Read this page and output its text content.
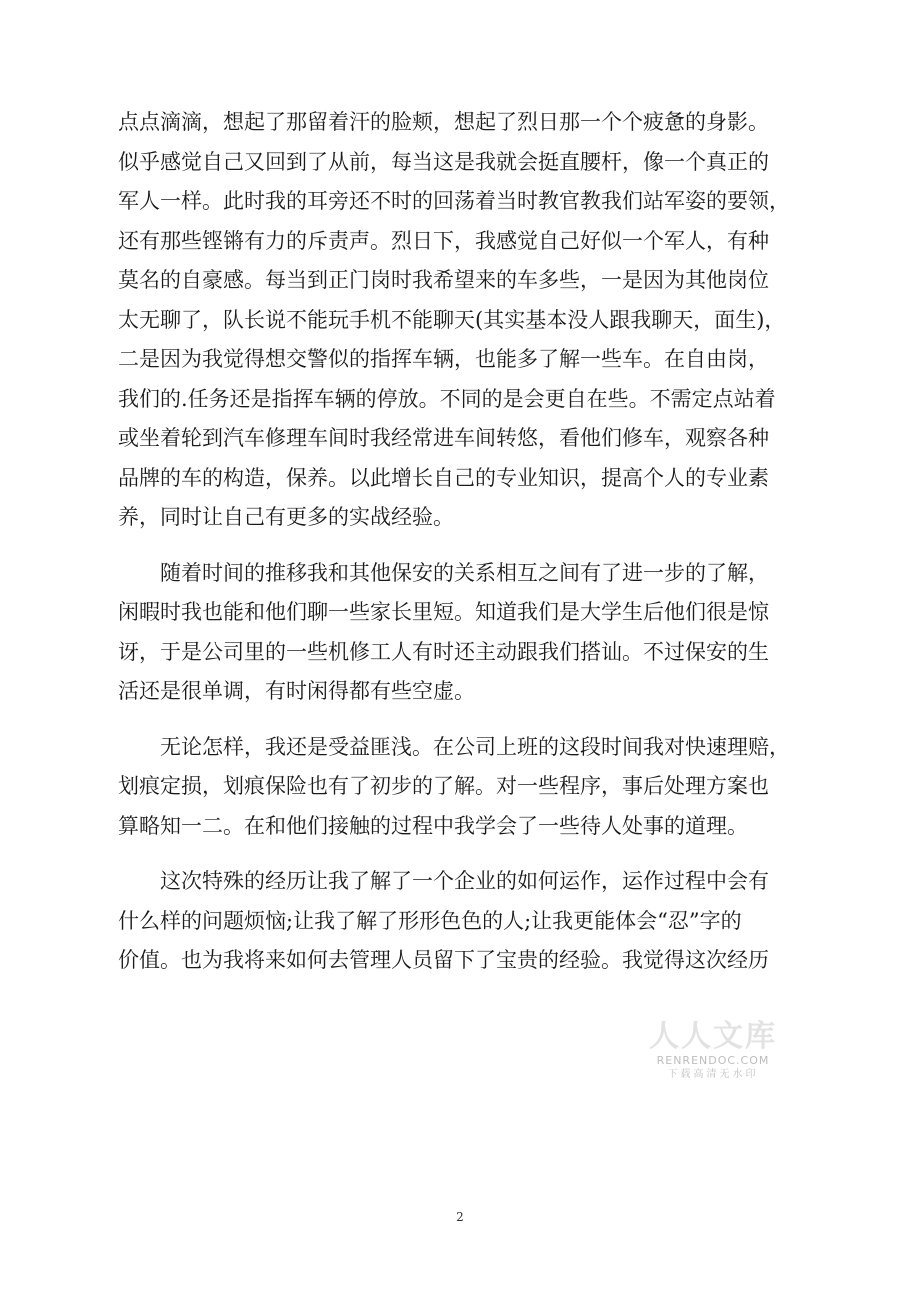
点点滴滴，想起了那留着汗的脸颊，想起了烈日那一个个疲惫的身影。
似乎感觉自己又回到了从前，每当这是我就会挺直腰杆，像一个真正的
军人一样。此时我的耳旁还不时的回荡着当时教官教我们站军姿的要领，
还有那些铿锵有力的斥责声。烈日下，我感觉自己好似一个军人，有种
莫名的自豪感。每当到正门岗时我希望来的车多些，一是因为其他岗位
太无聊了，队长说不能玩手机不能聊天(其实基本没人跟我聊天，面生)，
二是因为我觉得想交警似的指挥车辆，也能多了解一些车。在自由岗，
我们的.任务还是指挥车辆的停放。不同的是会更自在些。不需定点站着
或坐着轮到汽车修理车间时我经常进车间转悠，看他们修车，观察各种
品牌的车的构造，保养。以此增长自己的专业知识，提高个人的专业素
养，同时让自己有更多的实战经验。

随着时间的推移我和其他保安的关系相互之间有了进一步的了解，
闲暇时我也能和他们聊一些家长里短。知道我们是大学生后他们很是惊
讶，于是公司里的一些机修工人有时还主动跟我们搭讪。不过保安的生
活还是很单调，有时闲得都有些空虚。

无论怎样，我还是受益匪浅。在公司上班的这段时间我对快速理赔，
划痕定损，划痕保险也有了初步的了解。对一些程序，事后处理方案也
算略知一二。在和他们接触的过程中我学会了一些待人处事的道理。

这次特殊的经历让我了解了一个企业的如何运作，运作过程中会有
什么样的问题烦恼;让我了解了形形色色的人;让我更能体会“忍”字的
价值。也为我将来如何去管理人员留下了宝贵的经验。我觉得这次经历

人人文库
RENRENDOC.COM
下载高清无水印
2
